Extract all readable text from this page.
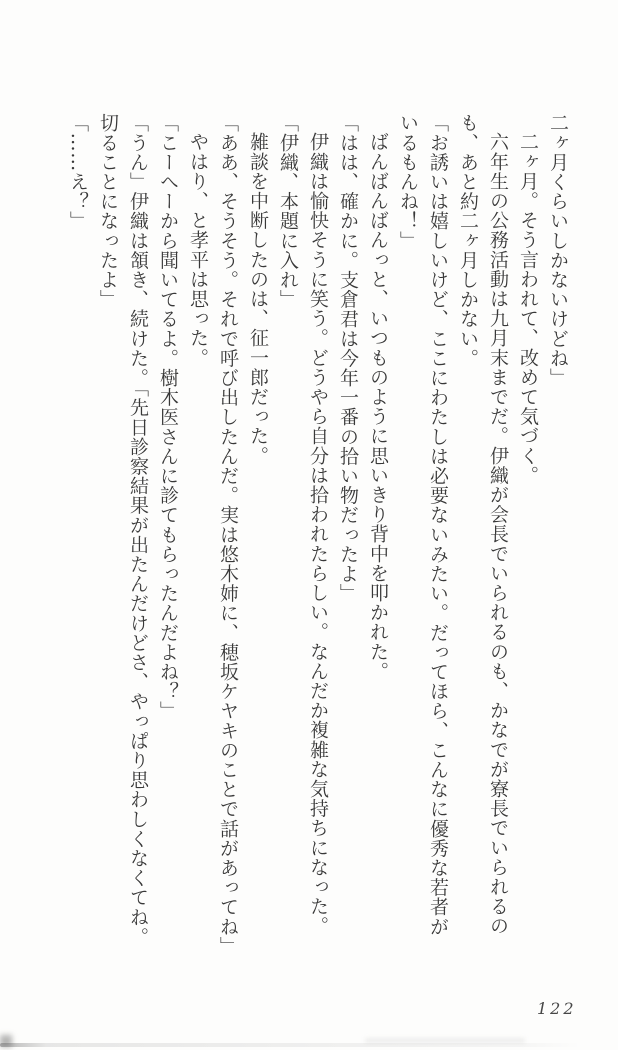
二ヶ月くらいしかないけどね」
二ヶ月。そう言われて、改めて気づく。
六年生の公務活動は九月末までだ。伊織が会長でいられるのも、かなでが寮長でいられるの
も、あと約二ヶ月しかない。
「お誘いは嬉しいけど、ここにわたしは必要ないみたい。だってほら、こんなに優秀な若者が
いるもんね！」
ばんばんばんっと、いつものように思いきり背中を叩かれた。
「はは、確かに。支倉君は今年一番の拾い物だったよ」
伊織は愉快そうに笑う。どうやら自分は拾われたらしい。なんだか複雑な気持ちになった。
「伊織、本題に入れ」
雑談を中断したのは、征一郎だった。
「ああ、そうそう。それで呼び出したんだ。実は悠木姉に、穂坂ケヤキのことで話があってね」
やはり、と孝平は思った。
「こーへーから聞いてるよ。樹木医さんに診てもらったんだよね？」
「うん」伊織は頷き、続けた。「先日診察結果が出たんだけどさ、やっぱり思わしくなくてね。
切ることになったよ」
「……え？」
122
